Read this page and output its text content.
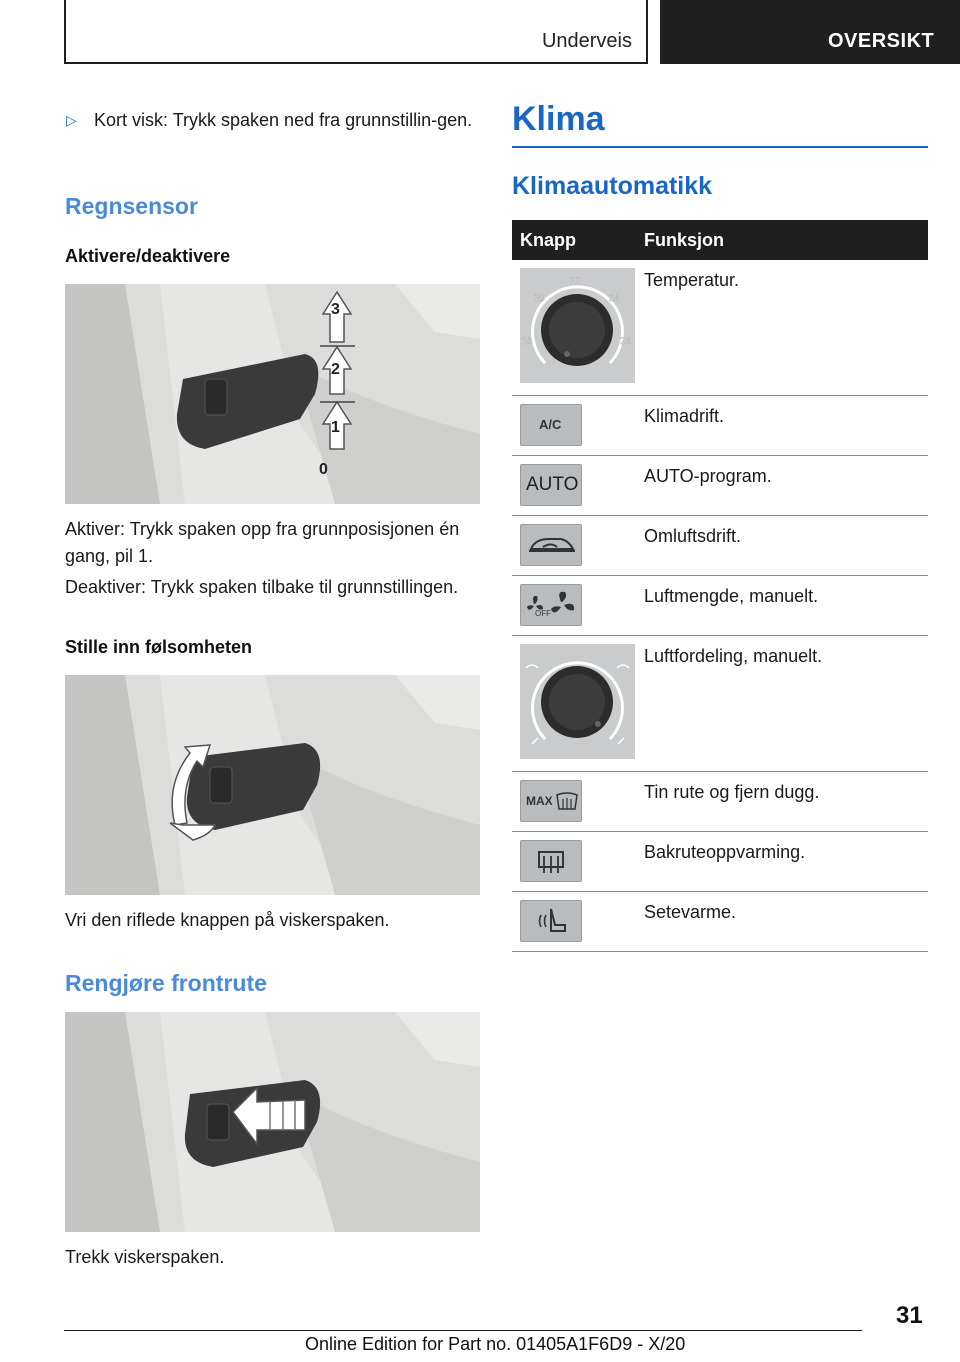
Underveis	OVERSIKT
▷ Kort visk: Trykk spaken ned fra grunnstillin-gen.
Regnsensor
Aktivere/deaktivere
3
2
1
0
Aktiver: Trykk spaken opp fra grunnposisjonen én gang, pil 1.
Deaktiver: Trykk spaken tilbake til grunnstillingen.
Stille inn følsomheten
Vri den riflede knappen på viskerspaken.
Rengjøre frontrute
Trekk viskerspaken.
Klima
Klimaautomatikk
Knapp	Funksjon
20
22
24
18	26
Temperatur.
A/C	Klimadrift.
AUTO	AUTO-program.
Omluftsdrift.
OFF
Luftmengde, manuelt.
Luftfordeling, manuelt.
MAX	Tin rute og fjern dugg.
Bakruteoppvarming.
Setevarme.
31
Online Edition for Part no. 01405A1F6D9 - X/20
